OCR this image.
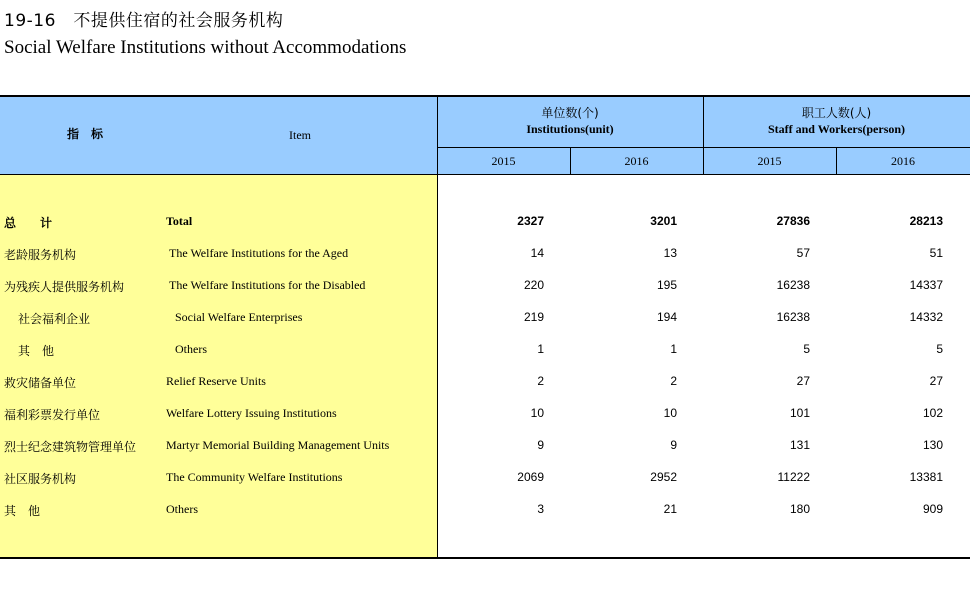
19-16　不提供住宿的社会服务机构
Social Welfare Institutions without Accommodations
指　标	Item
单位数(个)
Institutions(unit)
职工人数(人)
Staff and Workers(person)
2015	2016	2015	2016
总　　计	Total	2327	3201	27836	28213
老龄服务机构	The Welfare Institutions for the Aged	14	13	57	51
为残疾人提供服务机构	The Welfare Institutions for the Disabled	220	195	16238	14337
社会福利企业	Social Welfare Enterprises	219	194	16238	14332
其　他	Others	1	1	5	5
救灾储备单位	Relief Reserve Units	2	2	27	27
福利彩票发行单位	Welfare Lottery Issuing Institutions	10	10	101	102
烈士纪念建筑物管理单位 Martyr Memorial Building Management Units	9	9	131	130
社区服务机构	The Community Welfare Institutions	2069	2952	11222	13381
其　他	Others	3	21	180	909
